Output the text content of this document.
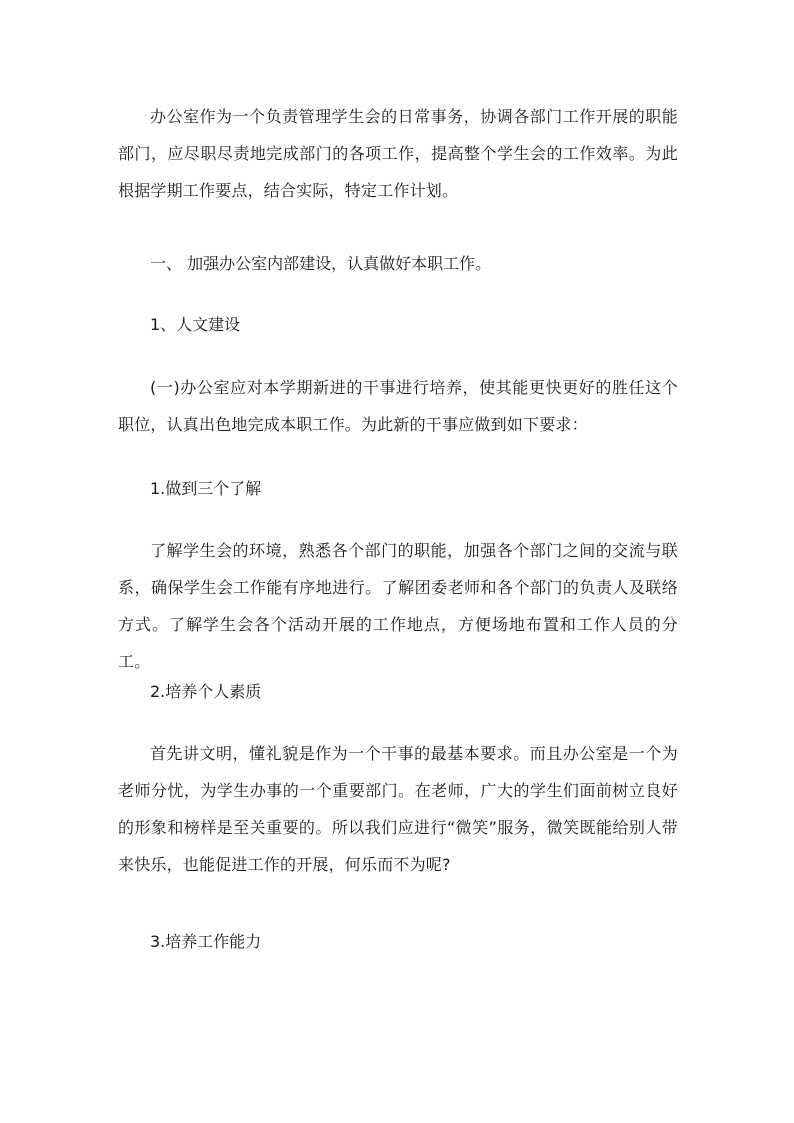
办公室作为一个负责管理学生会的日常事务，协调各部门工作开展的职能部门，应尽职尽责地完成部门的各项工作，提高整个学生会的工作效率。为此根据学期工作要点，结合实际，特定工作计划。

一、 加强办公室内部建设，认真做好本职工作。

1、人文建设

(一)办公室应对本学期新进的干事进行培养，使其能更快更好的胜任这个职位，认真出色地完成本职工作。为此新的干事应做到如下要求：

1.做到三个了解

了解学生会的环境，熟悉各个部门的职能，加强各个部门之间的交流与联系，确保学生会工作能有序地进行。了解团委老师和各个部门的负责人及联络方式。了解学生会各个活动开展的工作地点，方便场地布置和工作人员的分工。

2.培养个人素质

首先讲文明，懂礼貌是作为一个干事的最基本要求。而且办公室是一个为老师分忧，为学生办事的一个重要部门。在老师，广大的学生们面前树立良好的形象和榜样是至关重要的。所以我们应进行“微笑”服务，微笑既能给别人带来快乐，也能促进工作的开展，何乐而不为呢?

3.培养工作能力
